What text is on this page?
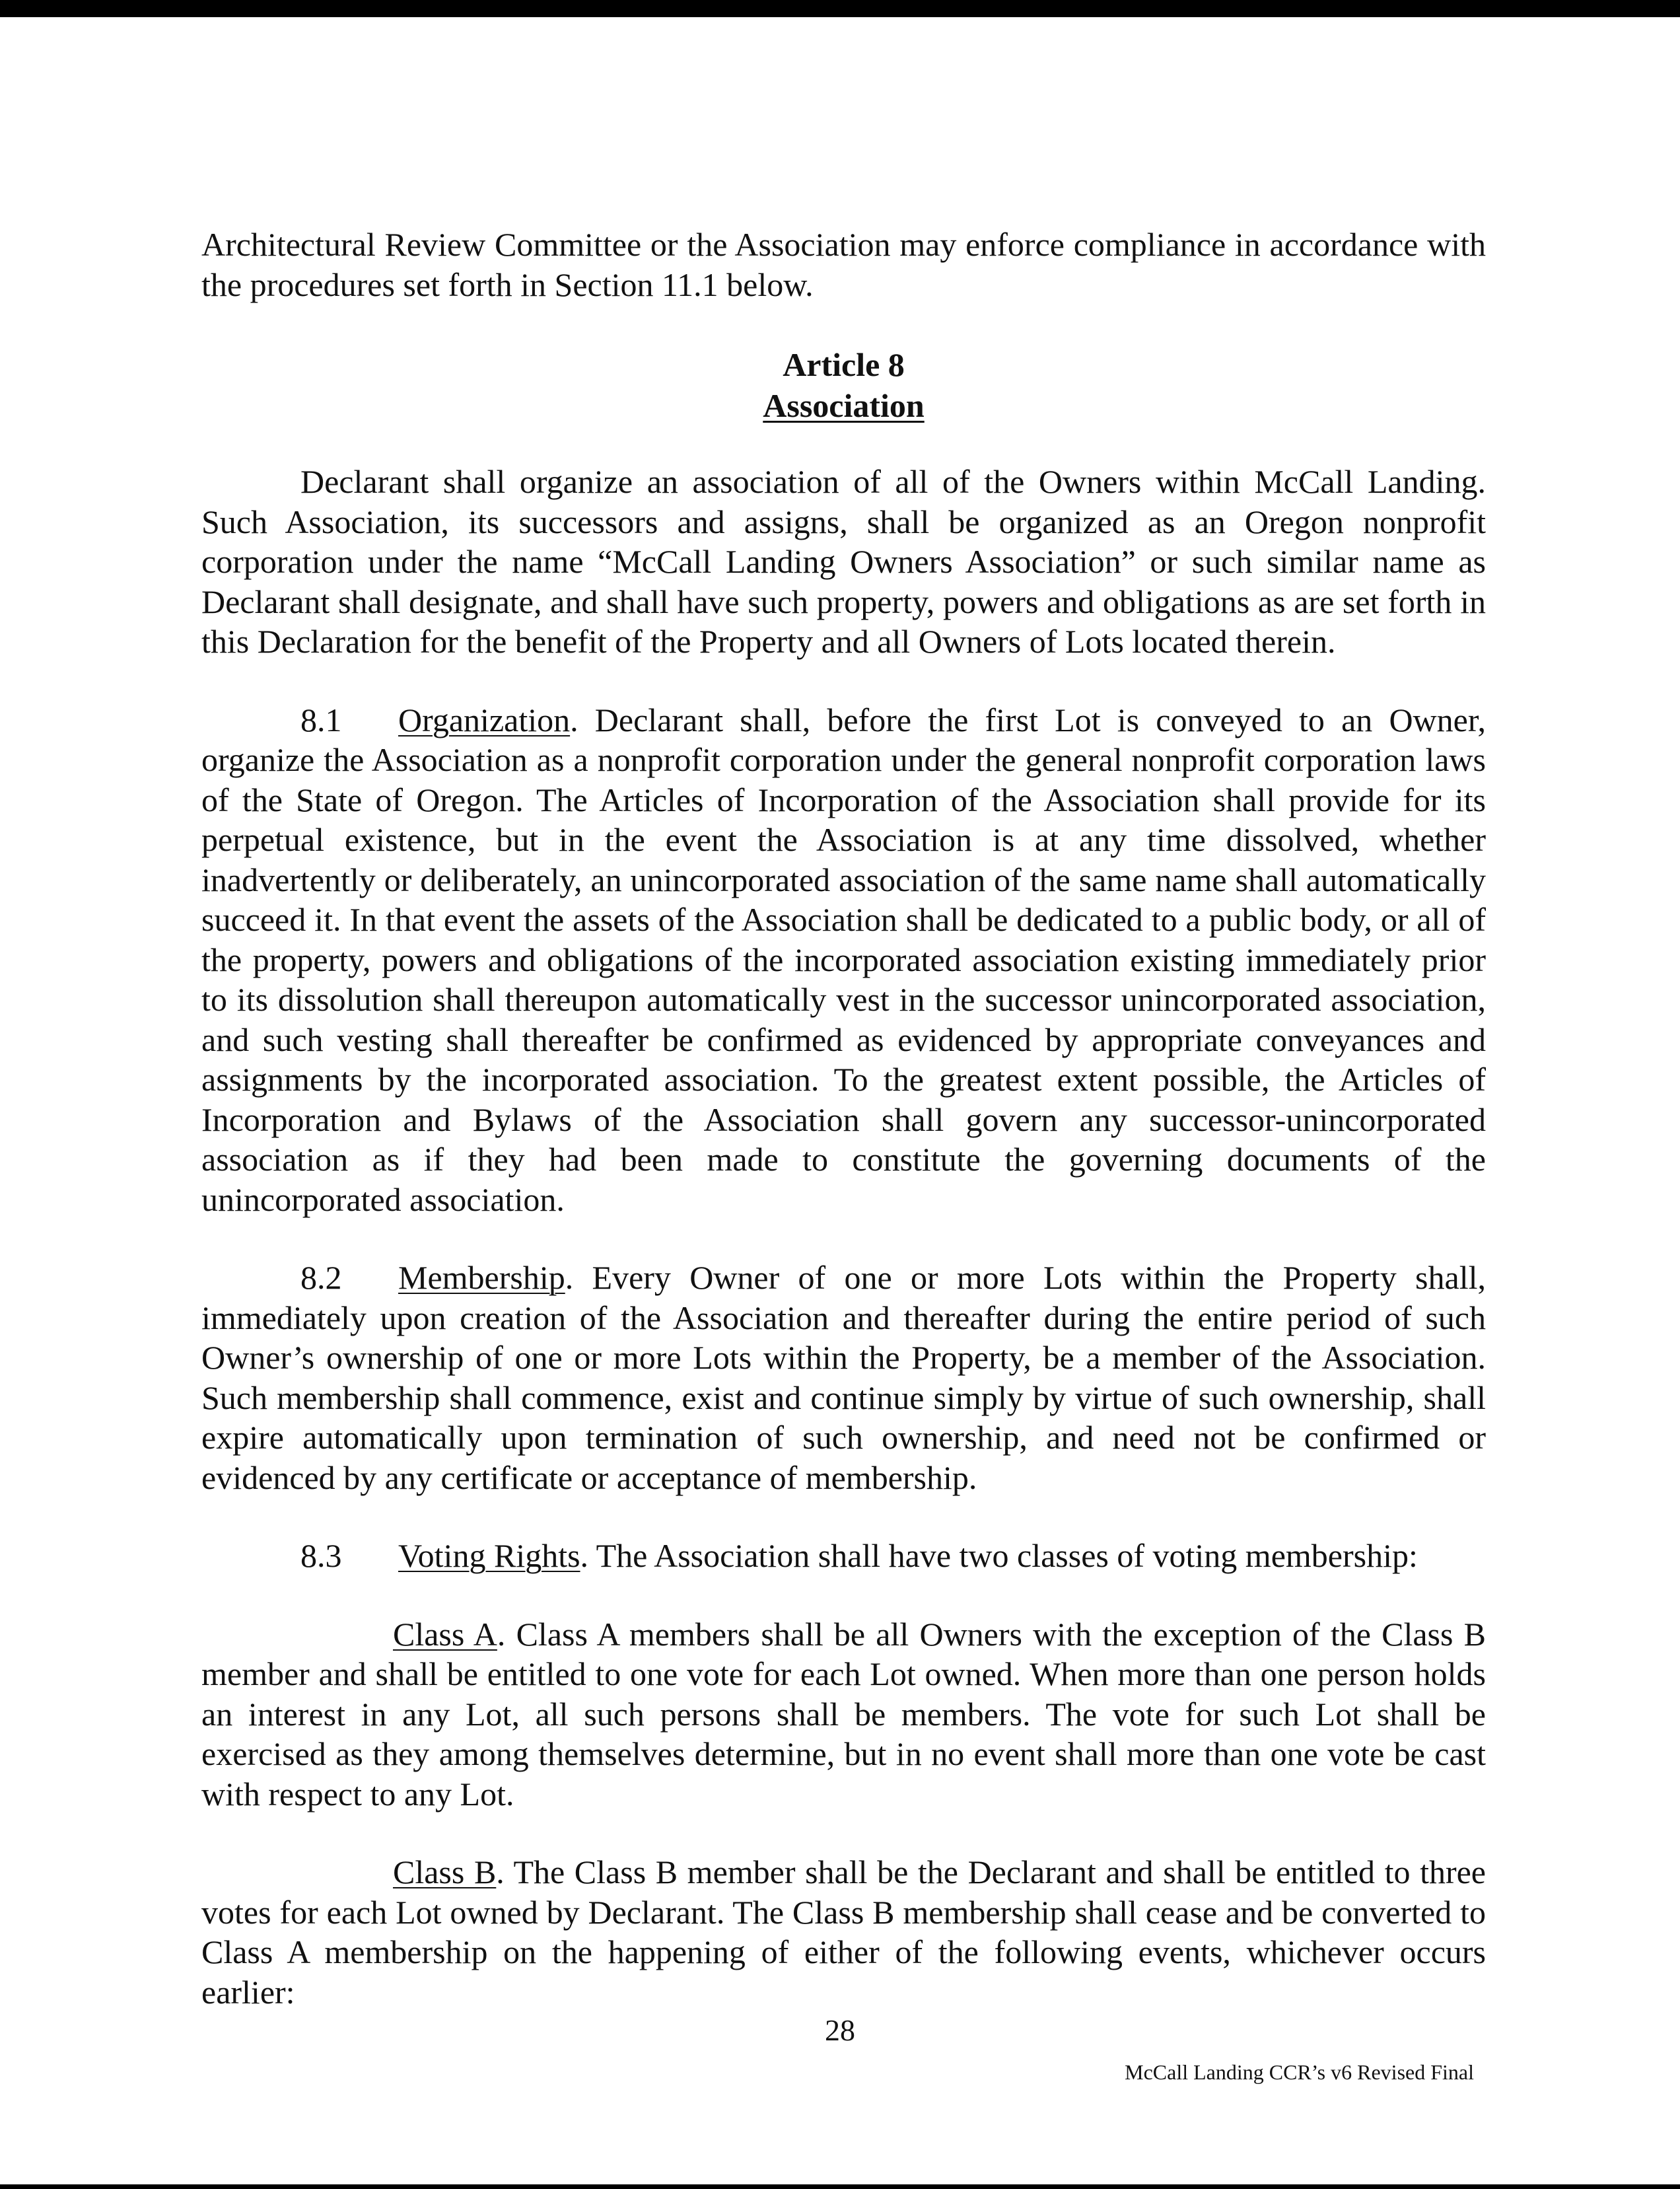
Architectural Review Committee or the Association may enforce compliance in accordance with the procedures set forth in Section 11.1 below.

Article 8
Association

Declarant shall organize an association of all of the Owners within McCall Landing. Such Association, its successors and assigns, shall be organized as an Oregon nonprofit corporation under the name “McCall Landing Owners Association” or such similar name as Declarant shall designate, and shall have such property, powers and obligations as are set forth in this Declaration for the benefit of the Property and all Owners of Lots located therein.

8.1 Organization. Declarant shall, before the first Lot is conveyed to an Owner, organize the Association as a nonprofit corporation under the general nonprofit corporation laws of the State of Oregon. The Articles of Incorporation of the Association shall provide for its perpetual existence, but in the event the Association is at any time dissolved, whether inadvertently or deliberately, an unincorporated association of the same name shall automatically succeed it. In that event the assets of the Association shall be dedicated to a public body, or all of the property, powers and obligations of the incorporated association existing immediately prior to its dissolution shall thereupon automatically vest in the successor unincorporated association, and such vesting shall thereafter be confirmed as evidenced by appropriate conveyances and assignments by the incorporated association. To the greatest extent possible, the Articles of Incorporation and Bylaws of the Association shall govern any successor-unincorporated association as if they had been made to constitute the governing documents of the unincorporated association.

8.2 Membership. Every Owner of one or more Lots within the Property shall, immediately upon creation of the Association and thereafter during the entire period of such Owner’s ownership of one or more Lots within the Property, be a member of the Association. Such membership shall commence, exist and continue simply by virtue of such ownership, shall expire automatically upon termination of such ownership, and need not be confirmed or evidenced by any certificate or acceptance of membership.

8.3 Voting Rights. The Association shall have two classes of voting membership:

Class A. Class A members shall be all Owners with the exception of the Class B member and shall be entitled to one vote for each Lot owned. When more than one person holds an interest in any Lot, all such persons shall be members. The vote for such Lot shall be exercised as they among themselves determine, but in no event shall more than one vote be cast with respect to any Lot.

Class B. The Class B member shall be the Declarant and shall be entitled to three votes for each Lot owned by Declarant. The Class B membership shall cease and be converted to Class A membership on the happening of either of the following events, whichever occurs earlier:

28
McCall Landing CCR’s v6 Revised Final
